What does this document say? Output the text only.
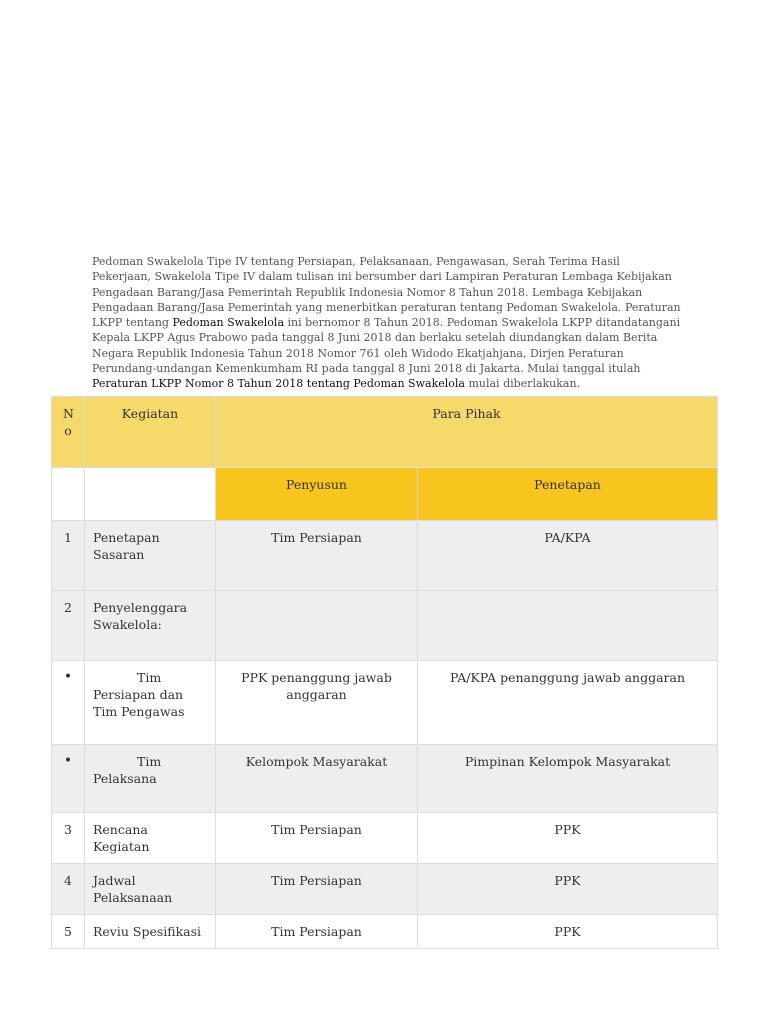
Pedoman Swakelola Tipe IV tentang Persiapan, Pelaksanaan, Pengawasan, Serah Terima Hasil Pekerjaan, Swakelola Tipe IV dalam tulisan ini bersumber dari Lampiran Peraturan Lembaga Kebijakan Pengadaan Barang/Jasa Pemerintah Republik Indonesia Nomor 8 Tahun 2018. Lembaga Kebijakan Pengadaan Barang/Jasa Pemerintah yang menerbitkan peraturan tentang Pedoman Swakelola. Peraturan LKPP tentang Pedoman Swakelola ini bernomor 8 Tahun 2018. Pedoman Swakelola LKPP ditandatangani Kepala LKPP Agus Prabowo pada tanggal 8 Juni 2018 dan berlaku setelah diundangkan dalam Berita Negara Republik Indonesia Tahun 2018 Nomor 761 oleh Widodo Ekatjahjana, Dirjen Peraturan Perundang-undangan Kemenkumham RI pada tanggal 8 Juni 2018 di Jakarta. Mulai tanggal itulah Peraturan LKPP Nomor 8 Tahun 2018 tentang Pedoman Swakelola mulai diberlakukan.

No	Kegiatan	Para Pihak	
		Penyusun	Penetapan
1	Penetapan Sasaran	Tim Persiapan	PA/KPA
2	Penyelenggara Swakelola:		
•	Tim Persiapan dan Tim Pengawas	PPK penanggung jawab anggaran	PA/KPA penanggung jawab anggaran
•	Tim Pelaksana	Kelompok Masyarakat	Pimpinan Kelompok Masyarakat
3	Rencana Kegiatan	Tim Persiapan	PPK
4	Jadwal Pelaksanaan	Tim Persiapan	PPK
5	Reviu Spesifikasi	Tim Persiapan	PPK
